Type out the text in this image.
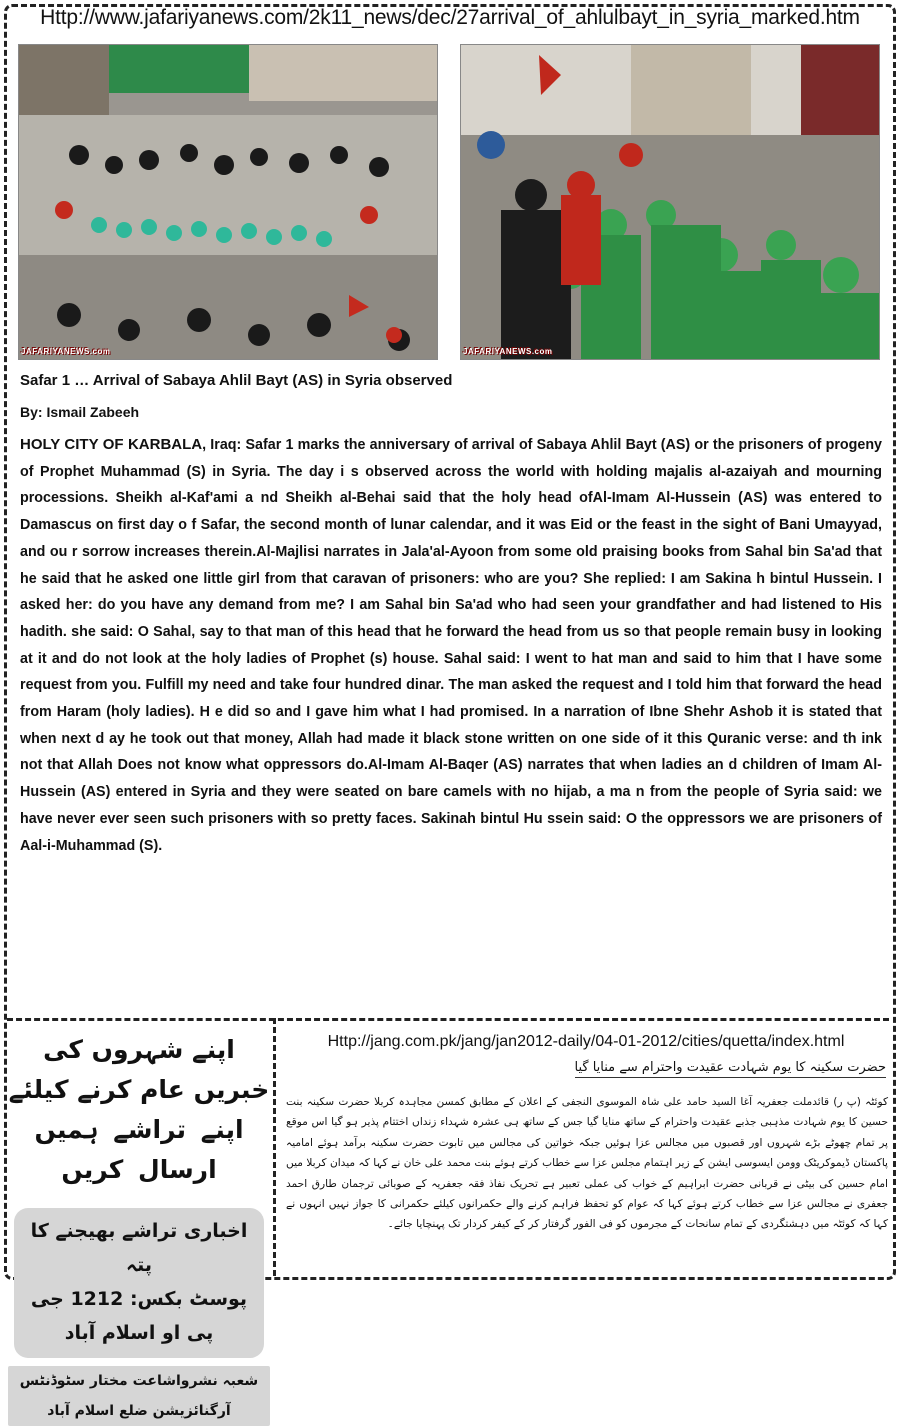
Http://www.jafariyanews.com/2k11_news/dec/27arrival_of_ahlulbayt_in_syria_marked.htm
JAFARIYANEWS.com	JAFARIYANEWS.com
Safar 1 … Arrival of Sabaya Ahlil Bayt (AS) in Syria observed
By: Ismail Zabeeh
HOLY CITY OF KARBALA, Iraq: Safar 1 marks the anniversary of arrival of Sabaya Ahlil Bayt (AS) or the prisoners of progeny of Prophet Muhammad (S) in Syria. The day i s observed across the world with holding majalis al-azaiyah and mourning processions. Sheikh al-Kaf'ami a nd Sheikh al-Behai said that the holy head ofAl-Imam Al-Hussein (AS) was entered to Damascus on first day o f Safar, the second month of lunar calendar, and it was Eid or the feast in the sight of Bani Umayyad, and ou r sorrow increases therein.Al-Majlisi narrates in Jala'al-Ayoon from some old praising books from Sahal bin Sa'ad that he said that he asked one little girl from that caravan of prisoners: who are you? She replied: I am Sakina h bintul Hussein. I asked her: do you have any demand from me? I am Sahal bin Sa'ad who had seen your grandfather and had listened to His hadith. she said: O Sahal, say to that man of this head that he forward the head from us so that people remain busy in looking at it and do not look at the holy ladies of Prophet (s) house. Sahal said: I went to hat man and said to him that I have some request from you. Fulfill my need and take four hundred dinar. The man asked the request and I told him that forward the head from Haram (holy ladies). H e did so and I gave him what I had promised. In a narration of Ibne Shehr Ashob it is stated that when next d ay he took out that money, Allah had made it black stone written on one side of it this Quranic verse: and th ink not that Allah Does not know what oppressors do.Al-Imam Al-Baqer (AS) narrates that when ladies an d children of Imam Al-Hussein (AS) entered in Syria and they were seated on bare camels with no hijab, a ma n from the people of Syria said: we have never ever seen such prisoners with so pretty faces. Sakinah bintul Hu ssein said: O the oppressors we are prisoners of Aal-i-Muhammad (S).
Http://jang.com.pk/jang/jan2012-daily/04-01-2012/cities/quetta/index.html
حضرت سکینہ کا یوم شہادت عقیدت واحترام سے منایا گیا
کوئٹہ (پ ر) قائدملت جعفریہ آغا السید حامد علی شاہ الموسوی النجفی کے اعلان کے مطابق کمسن مجاہدہ کربلا حضرت سکینہ بنت حسین کا یوم شہادت مذہبی جذبے عقیدت واحترام کے ساتھ منایا گیا جس کے ساتھ ہی عشرہ شہداء زنداں اختتام پذیر ہو گیا اس موقع پر تمام چھوٹے بڑے شہروں اور قصبوں میں مجالس عزا ہوئیں جبکہ خواتین کی مجالس میں تابوت حضرت سکینہ برآمد ہوئے امامیہ پاکستان ڈیموکریٹک وومن ایسوسی ایشن کے زیر اہتمام مجلس عزا سے خطاب کرتے ہوئے بنت محمد علی خان نے کہا کہ میدان کربلا میں امام حسین کی بیٹی نے قربانی حضرت ابراہیم کے خواب کی عملی تعبیر ہے تحریک نفاذ فقہ جعفریہ کے صوبائی ترجمان طارق احمد جعفری نے مجالس عزا سے خطاب کرتے ہوئے کہا کہ عوام کو تحفظ فراہم کرنے والے حکمرانوں کیلئے حکمرانی کا جواز نہیں انہوں نے کہا کہ کوئٹہ میں دہشتگردی کے تمام سانحات کے مجرموں کو فی الفور گرفتار کر کے کیفر کردار تک پہنچایا جائے۔
اپنے شہروں کی خبریں عام کرنے کیلئے
اپنے تراشے ہمیں ارسال کریں
اخباری تراشے بھیجنے کا پتہ
پوسٹ بکس: 1212 جی پی او اسلام آباد
شعبہ نشرواشاعت مختار سٹوڈنٹس آرگنائزیشن ضلع اسلام آباد
